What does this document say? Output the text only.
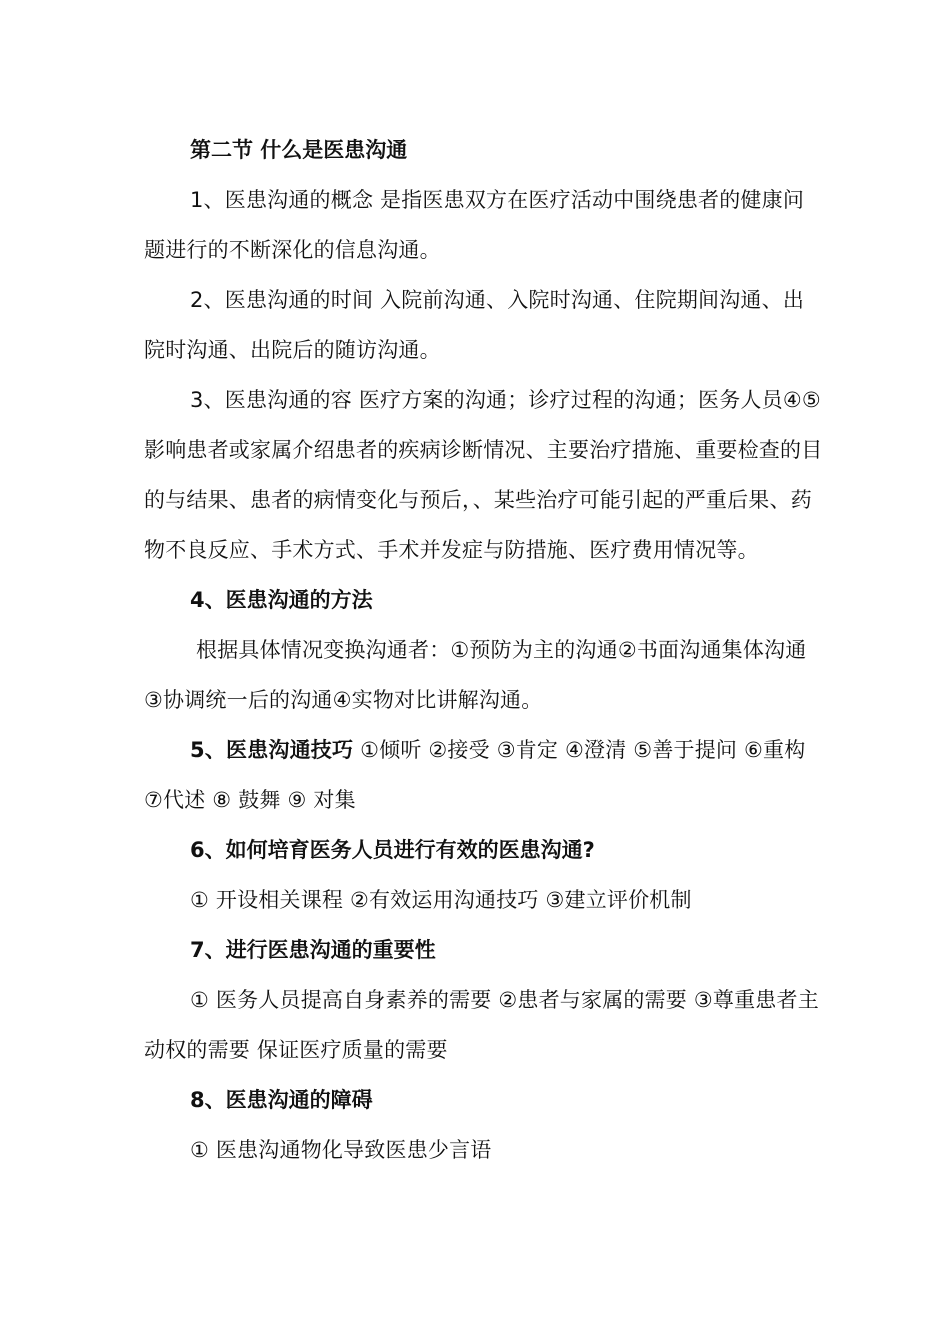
第二节 什么是医患沟通

1、医患沟通的概念 是指医患双方在医疗活动中围绕患者的健康问题进行的不断深化的信息沟通。

2、医患沟通的时间 入院前沟通、入院时沟通、住院期间沟通、出院时沟通、出院后的随访沟通。

3、医患沟通的容 医疗方案的沟通；诊疗过程的沟通；医务人员④⑤影响患者或家属介绍患者的疾病诊断情况、主要治疗措施、重要检查的目的与结果、患者的病情变化与预后，、某些治疗可能引起的严重后果、药物不良反应、手术方式、手术并发症与防措施、医疗费用情况等。

4、医患沟通的方法

根据具体情况变换沟通者：①预防为主的沟通②书面沟通集体沟通③协调统一后的沟通④实物对比讲解沟通。

5、医患沟通技巧 ①倾听 ②接受 ③肯定 ④澄清 ⑤善于提问 ⑥重构 ⑦代述 ⑧ 鼓舞 ⑨ 对集

6、如何培育医务人员进行有效的医患沟通?

① 开设相关课程 ②有效运用沟通技巧 ③建立评价机制

7、进行医患沟通的重要性

① 医务人员提高自身素养的需要 ②患者与家属的需要 ③尊重患者主动权的需要 保证医疗质量的需要

8、医患沟通的障碍

① 医患沟通物化导致医患少言语
